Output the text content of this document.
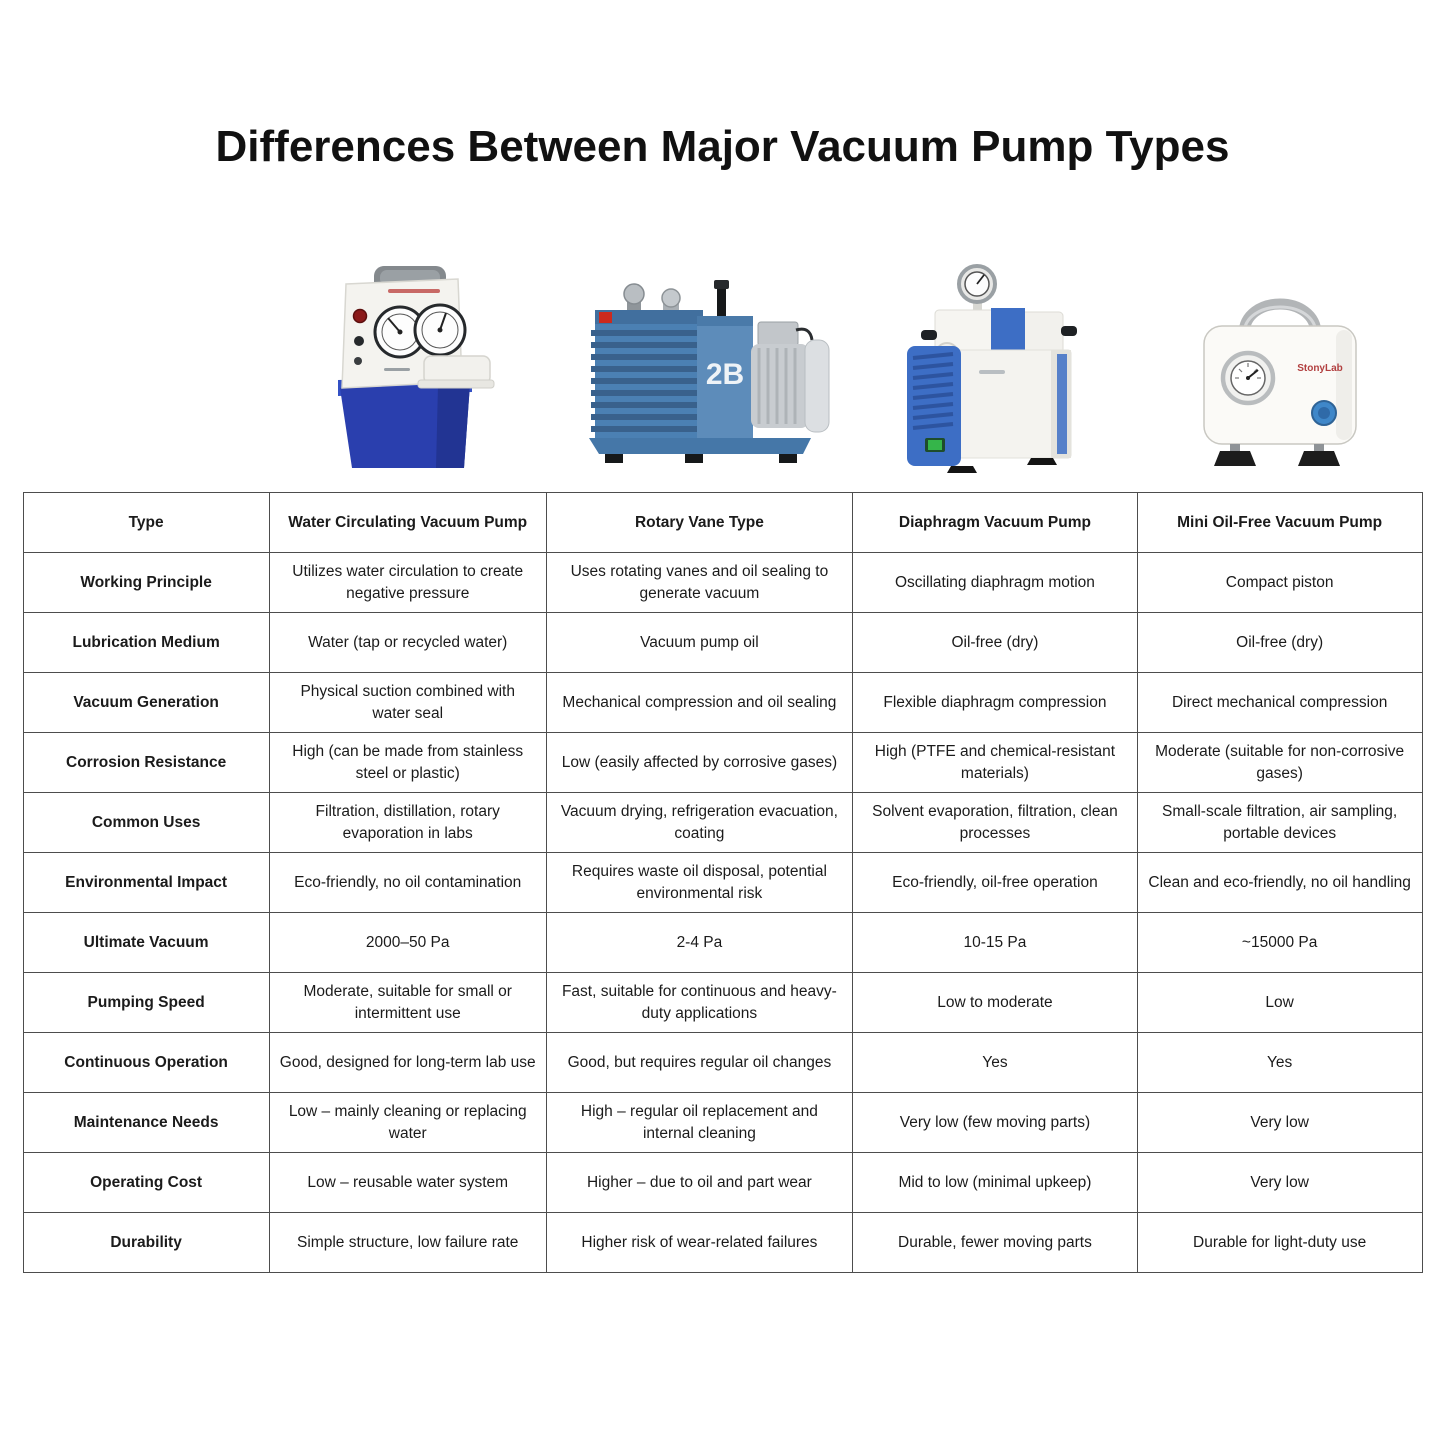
Differences Between Major Vacuum Pump Types
2B	StonyLab
Type	Water Circulating Vacuum Pump	Rotary Vane Type	Diaphragm Vacuum Pump	Mini Oil-Free Vacuum Pump
Working Principle	Utilizes water circulation to create negative pressure	Uses rotating vanes and oil sealing to generate vacuum	Oscillating diaphragm motion	Compact piston
Lubrication Medium	Water (tap or recycled water)	Vacuum pump oil	Oil-free (dry)	Oil-free (dry)
Vacuum Generation	Physical suction combined with water seal	Mechanical compression and oil sealing	Flexible diaphragm compression	Direct mechanical compression
Corrosion Resistance	High (can be made from stainless steel or plastic)	Low (easily affected by corrosive gases)	High (PTFE and chemical-resistant materials)	Moderate (suitable for non-corrosive gases)
Common Uses	Filtration, distillation, rotary evaporation in labs	Vacuum drying, refrigeration evacuation, coating	Solvent evaporation, filtration, clean processes	Small-scale filtration, air sampling, portable devices
Environmental Impact	Eco-friendly, no oil contamination	Requires waste oil disposal, potential environmental risk	Eco-friendly, oil-free operation	Clean and eco-friendly, no oil handling
Ultimate Vacuum	2000–50 Pa	2-4 Pa	10-15 Pa	~15000 Pa
Pumping Speed	Moderate, suitable for small or intermittent use	Fast, suitable for continuous and heavy-duty applications	Low to moderate	Low
Continuous Operation	Good, designed for long-term lab use	Good, but requires regular oil changes	Yes	Yes
Maintenance Needs	Low – mainly cleaning or replacing water	High – regular oil replacement and internal cleaning	Very low (few moving parts)	Very low
Operating Cost	Low – reusable water system	Higher – due to oil and part wear	Mid to low (minimal upkeep)	Very low
Durability	Simple structure, low failure rate	Higher risk of wear-related failures	Durable, fewer moving parts	Durable for light-duty use
